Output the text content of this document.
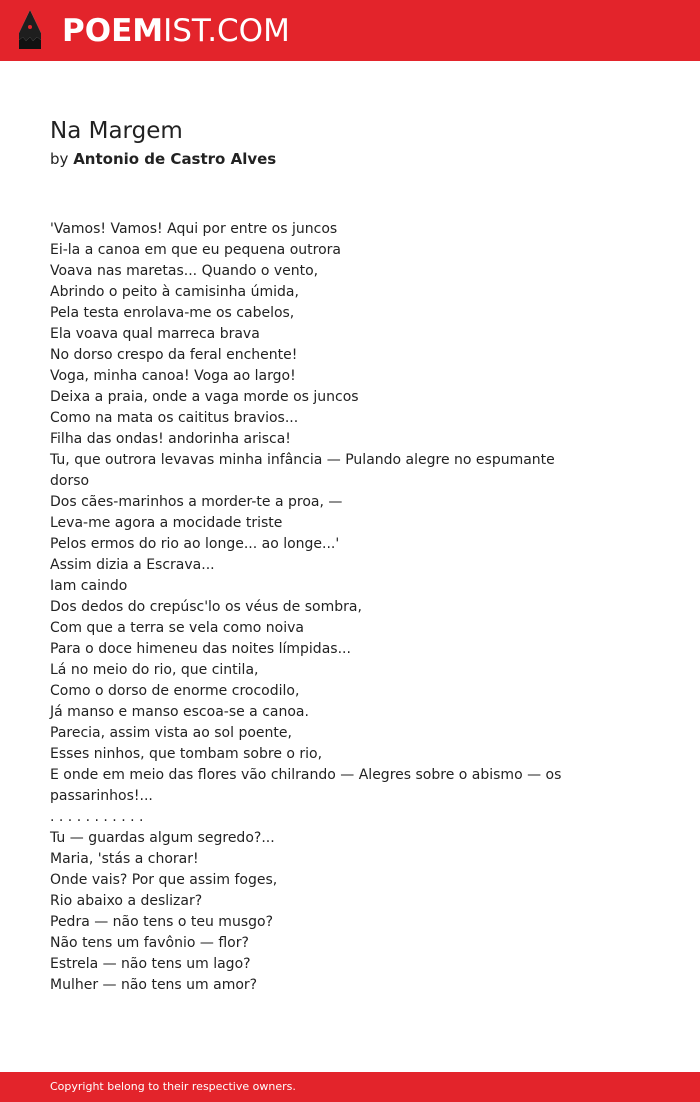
POEMIST.COM
Na Margem
by Antonio de Castro Alves
'Vamos! Vamos! Aqui por entre os juncos
Ei-la a canoa em que eu pequena outrora
Voava nas maretas... Quando o vento,
Abrindo o peito à camisinha úmida,
Pela testa enrolava-me os cabelos,
Ela voava qual marreca brava
No dorso crespo da feral enchente!
Voga, minha canoa! Voga ao largo!
Deixa a praia, onde a vaga morde os juncos
Como na mata os caititus bravios...
Filha das ondas! andorinha arisca!
Tu, que outrora levavas minha infância — Pulando alegre no espumante dorso
Dos cães-marinhos a morder-te a proa, —
Leva-me agora a mocidade triste
Pelos ermos do rio ao longe... ao longe...'
Assim dizia a Escrava...
Iam caindo
Dos dedos do crepúsc'lo os véus de sombra,
Com que a terra se vela como noiva
Para o doce himeneu das noites límpidas...
Lá no meio do rio, que cintila,
Como o dorso de enorme crocodilo,
Já manso e manso escoa-se a canoa.
Parecia, assim vista ao sol poente,
Esses ninhos, que tombam sobre o rio,
E onde em meio das flores vão chilrando — Alegres sobre o abismo — os passarinhos!...
. . . . . . . . . . .
Tu — guardas algum segredo?...
Maria, 'stás a chorar!
Onde vais? Por que assim foges,
Rio abaixo a deslizar?
Pedra — não tens o teu musgo?
Não tens um favônio — flor?
Estrela — não tens um lago?
Mulher — não tens um amor?
Copyright belong to their respective owners.
